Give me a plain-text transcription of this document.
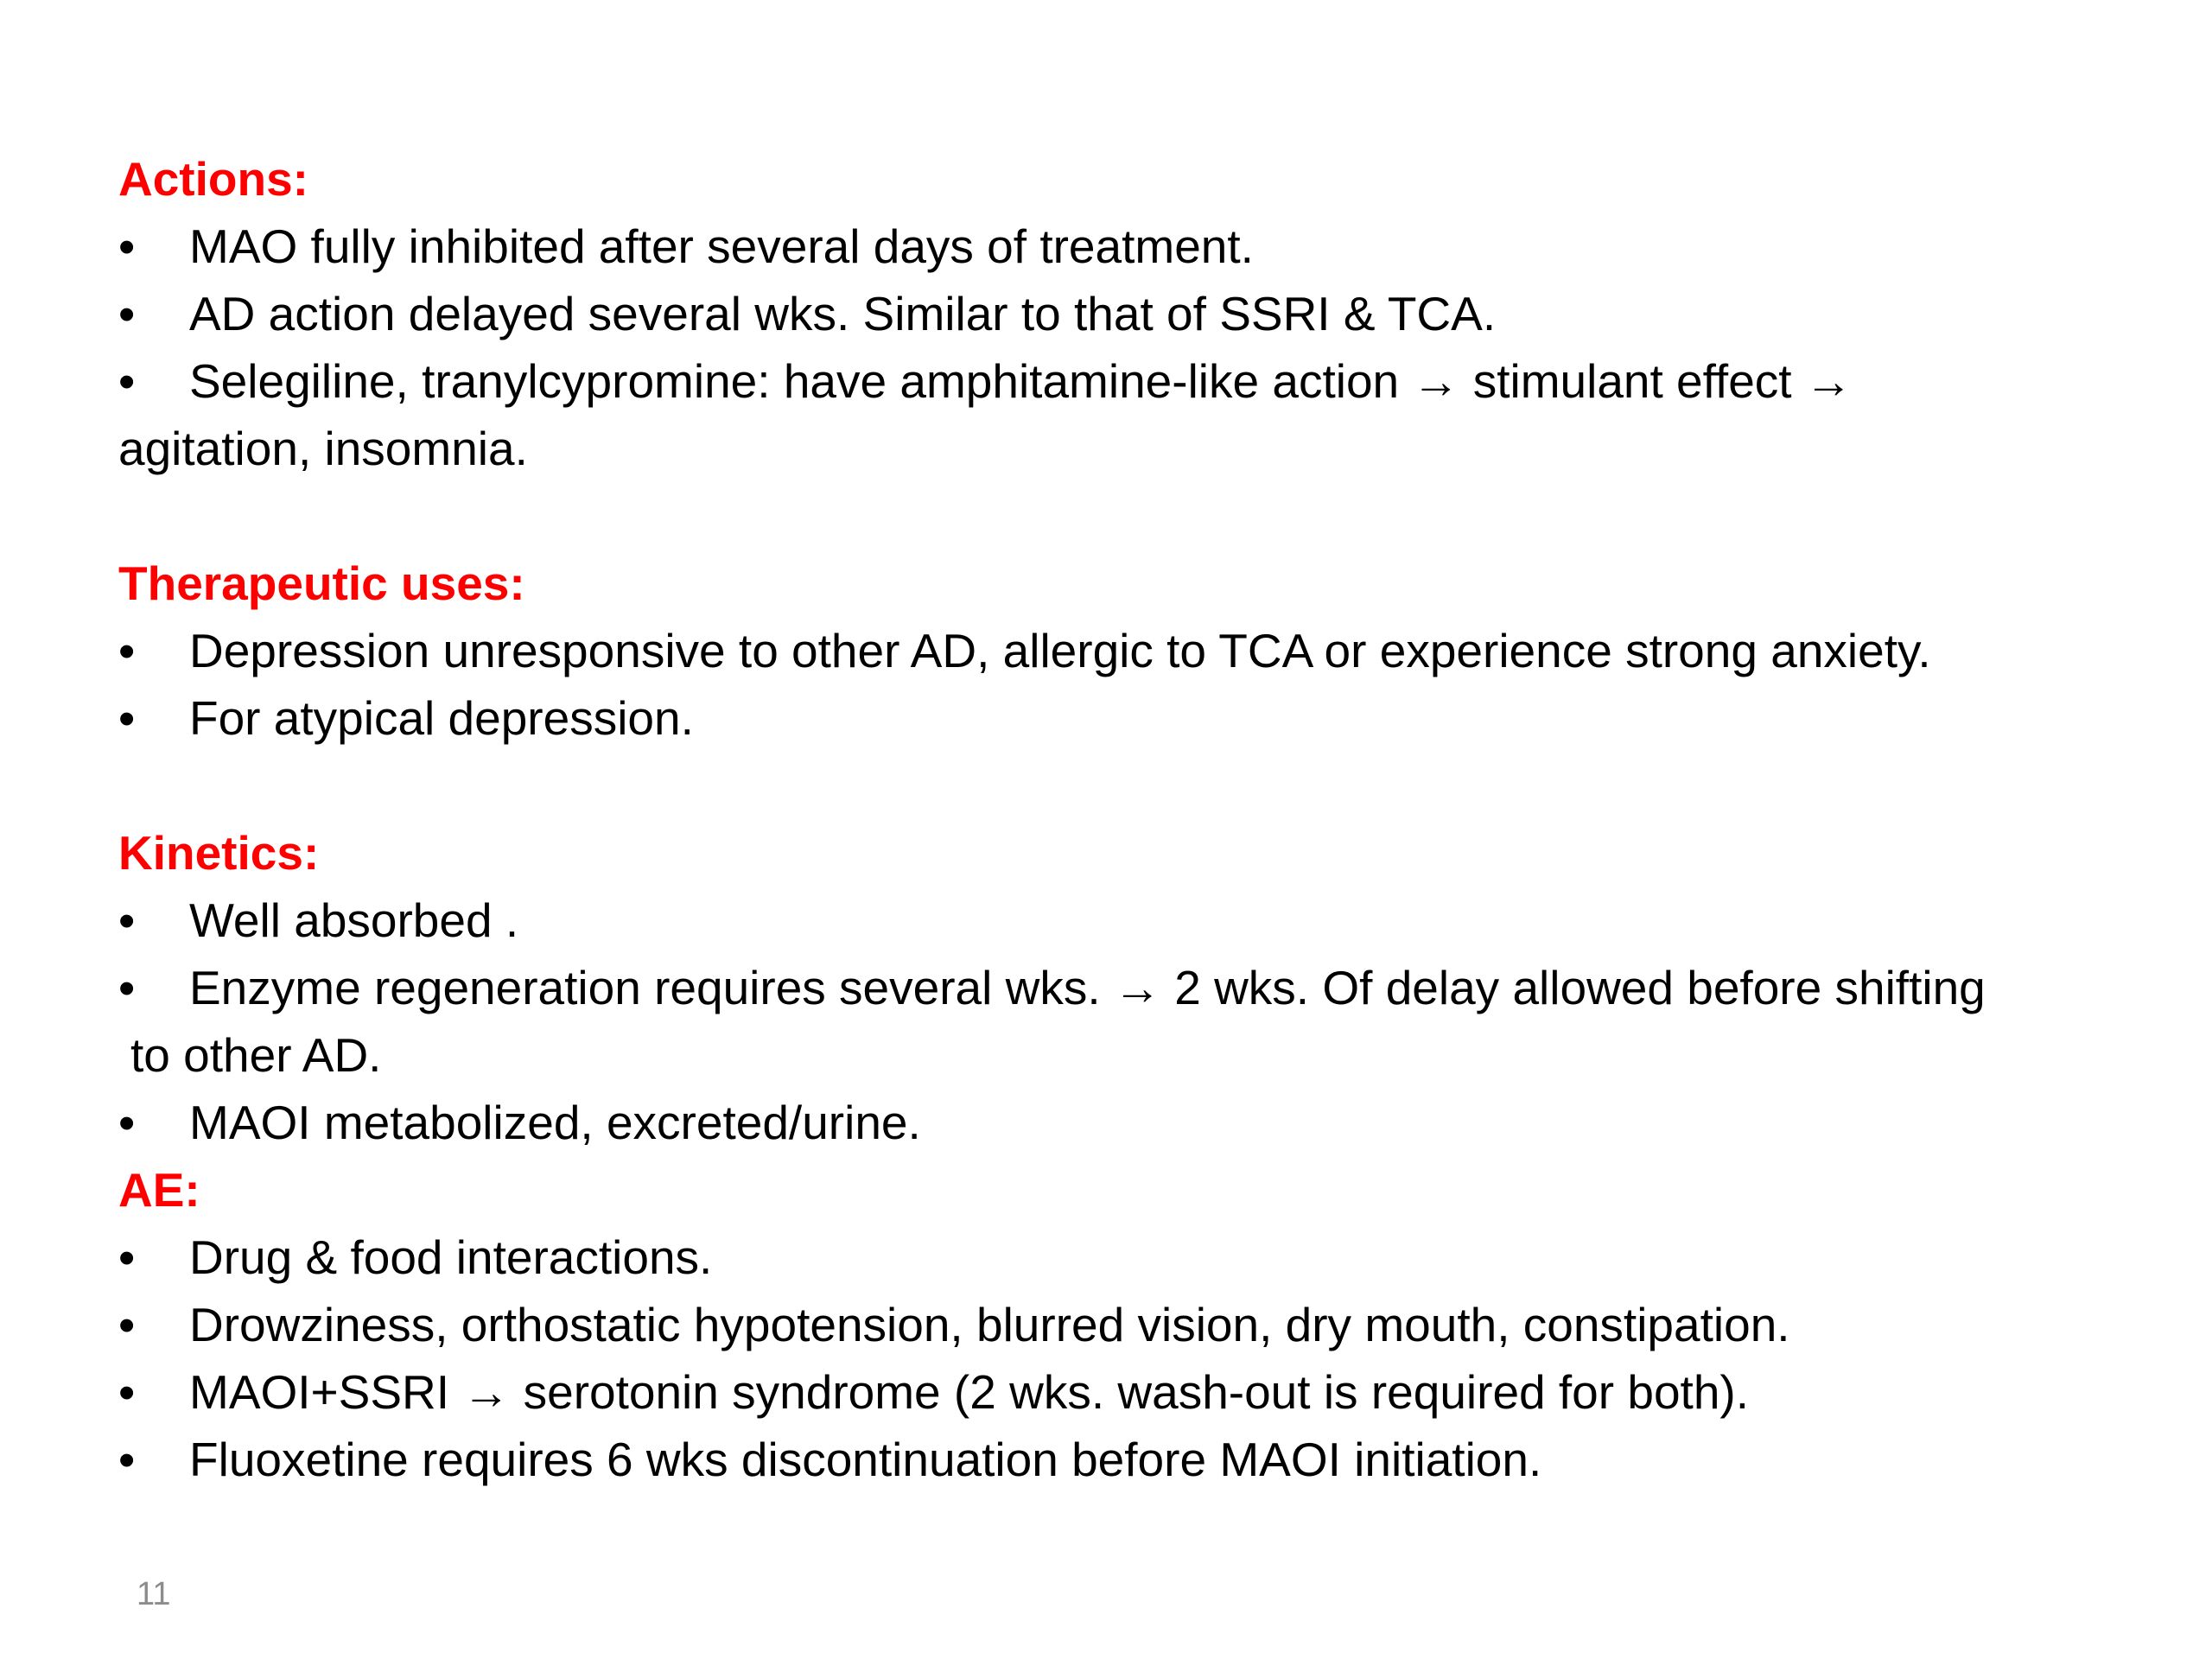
Actions:
• MAO fully inhibited after several days of treatment.
• AD action delayed several wks. Similar to that of SSRI & TCA.
• Selegiline, tranylcypromine: have amphitamine-like action → stimulant effect →
agitation, insomnia.
Therapeutic uses:
• Depression unresponsive to other AD, allergic to TCA or experience strong anxiety.
• For atypical depression.
Kinetics:
• Well absorbed .
• Enzyme regeneration requires several wks. → 2 wks. Of delay allowed before shifting
to other AD.
• MAOI metabolized, excreted/urine.
AE:
• Drug & food interactions.
• Drowziness, orthostatic hypotension, blurred vision, dry mouth, constipation.
• MAOI+SSRI → serotonin syndrome (2 wks. wash-out is required for both).
• Fluoxetine requires 6 wks discontinuation before MAOI initiation.
11
